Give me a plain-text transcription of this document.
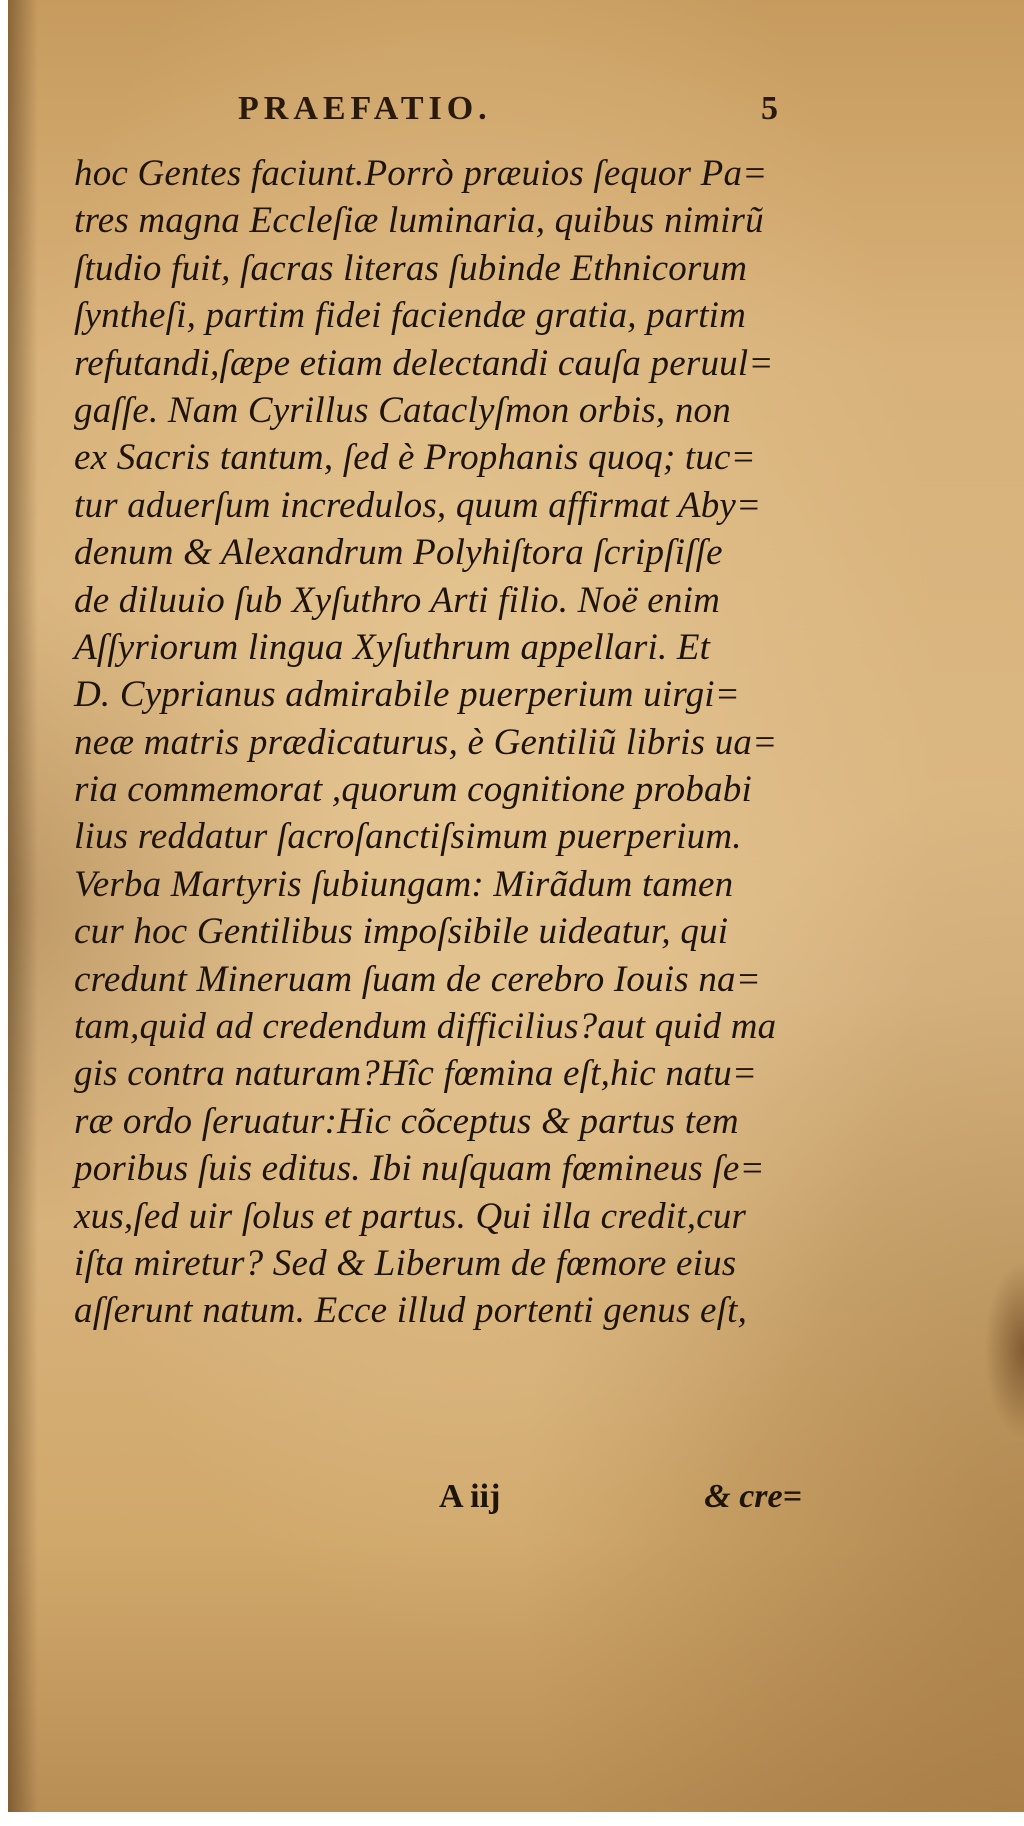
PRAEFATIO.	5
hoc Gentes faciunt.Porrò præuios ſequor Pa=
tres magna Eccleſiæ luminaria, quibus nimirũ
ſtudio fuit, ſacras literas ſubinde Ethnicorum
ſyntheſi, partim fidei faciendæ gratia, partim
refutandi,ſæpe etiam delectandi cauſa peruul=
gaſſe. Nam Cyrillus Cataclyſmon orbis, non
ex Sacris tantum, ſed è Prophanis quoq; tuc=
tur aduerſum incredulos, quum affirmat Aby=
denum & Alexandrum Polyhiſtora ſcripſiſſe
de diluuio ſub Xyſuthro Arti filio. Noë enim
Aſſyriorum lingua Xyſuthrum appellari. Et
D. Cyprianus admirabile puerperium uirgi=
neæ matris prædicaturus, è Gentiliũ libris ua=
ria commemorat ,quorum cognitione probabi
lius reddatur ſacroſanctiſsimum puerperium.
Verba Martyris ſubiungam: Mirãdum tamen
cur hoc Gentilibus impoſsibile uideatur, qui
credunt Mineruam ſuam de cerebro Iouis na=
tam,quid ad credendum difficilius?aut quid ma
gis contra naturam?Hîc fœmina eſt,hic natu=
ræ ordo ſeruatur:Hic cõceptus & partus tem
poribus ſuis editus. Ibi nuſquam fœmineus ſe=
xus,ſed uir ſolus et partus. Qui illa credit,cur
iſta miretur? Sed & Liberum de fœmore eius
aſſerunt natum. Ecce illud portenti genus eſt,
A iij	& cre=
